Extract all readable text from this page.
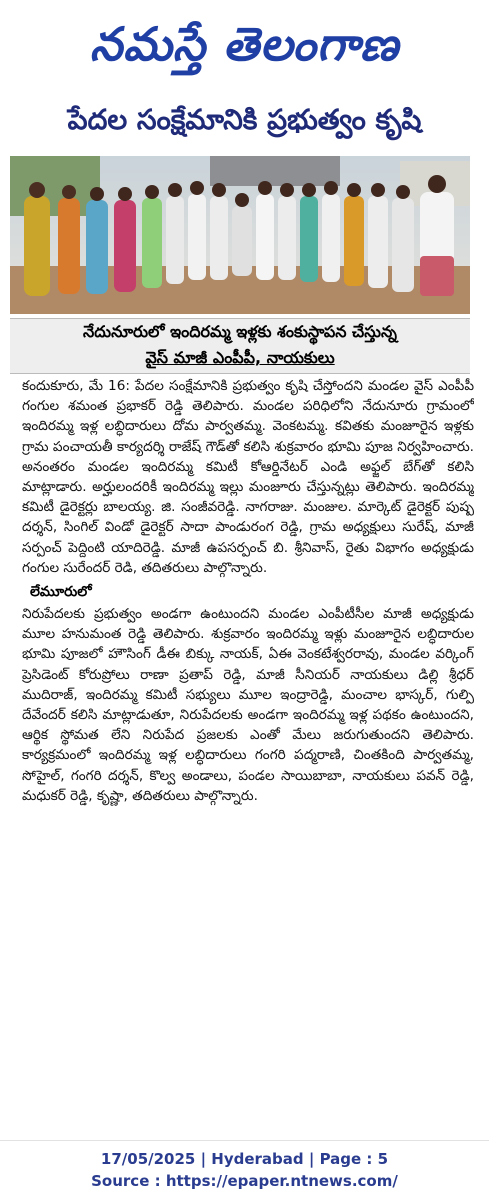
నమస్తే తెలంగాణ
పేదల సంక్షేమానికి ప్రభుత్వం కృషి
నేదునూరులో ఇందిరమ్మ ఇళ్లకు శంకుస్థాపన చేస్తున్న
వైస్ మాజీ ఎంపీపీ, నాయకులు

కందుకూరు, మే 16: పేదల సంక్షేమానికి ప్రభుత్వం కృషి చేస్తోందని మండల వైస్ ఎంపీపీ గంగుల శమంత ప్రభాకర్ రెడ్డి తెలిపారు. మండల పరిధిలోని నేదునూరు గ్రామంలో ఇందిరమ్మ ఇళ్ల లబ్ధిదారులు దోమ పార్వతమ్మ. వెంకటమ్మ. కవితకు మంజూరైన ఇళ్లకు గ్రామ పంచాయతీ కార్యదర్శి రాజేష్ గౌడ్‌తో కలిసి శుక్రవారం భూమి పూజ నిర్వహించారు. అనంతరం మండల ఇందిరమ్మ కమిటీ కోఆర్డినేటర్ ఎండి అఫ్జల్ బేగ్‌తో కలిసి మాట్లాడారు. అర్హులందరికీ ఇందిరమ్మ ఇల్లు మంజూరు చేస్తున్నట్లు తెలిపారు. ఇందిరమ్మ కమిటీ డైరెక్టర్లు బాలయ్య. జి. సంజీవరెడ్డి. నాగరాజు. మంజుల. మార్కెట్ డైరెక్టర్ పుష్ప దర్శన్, సింగిల్ విండో డైరెక్టర్ సాదా పాండురంగ రెడ్డి, గ్రామ అధ్యక్షులు సురేష్, మాజీ సర్పంచ్ పెద్దింటి యాదిరెడ్డి. మాజీ ఉపసర్పంచ్ బి. శ్రీనివాస్, రైతు విభాగం అధ్యక్షుడు గంగుల సురేందర్ రెడి, తదితరులు పాల్గొన్నారు.

లేమూరులో

నిరుపేదలకు ప్రభుత్వం అండగా ఉంటుందని మండల ఎంపీటీసీల మాజీ అధ్యక్షుడు మూల హనుమంత రెడ్డి తెలిపారు. శుక్రవారం ఇందిరమ్మ ఇళ్లు మంజూరైన లబ్ధిదారుల భూమి పూజలో హౌసింగ్ డీఈ బిక్కు నాయక్, ఏఈ వెంకటేశ్వరరావు, మండల వర్కింగ్ ప్రెసిడెంట్ కోరుప్రోలు రాణా ప్రతాప్ రెడ్డి, మాజీ సీనియర్ నాయకులు డిల్లి శ్రీధర్ ముదిరాజ్, ఇందిరమ్మ కమిటీ సభ్యులు మూల ఇంద్రారెడ్డి, మంచాల భాస్కర్, గుల్పి దేవేందర్ కలిసి మాట్లాడుతూ, నిరుపేదలకు అండగా ఇందిరమ్మ ఇళ్ల పథకం ఉంటుందని, ఆర్థిక స్థోమత లేని నిరుపేద ప్రజలకు ఎంతో మేలు జరుగుతుందని తెలిపారు. కార్యక్రమంలో ఇందిరమ్మ ఇళ్ల లబ్ధిదారులు గంగరి పద్మరాణి, చింతకింది పార్వతమ్మ, సోహైల్, గంగరి దర్శన్, కొల్వ అండాలు, పండల సాయిబాబా, నాయకులు పవన్ రెడ్డి, మధుకర్ రెడ్డి, కృష్ణా, తదితరులు పాల్గొన్నారు.

17/05/2025 | Hyderabad | Page : 5
Source : https://epaper.ntnews.com/
